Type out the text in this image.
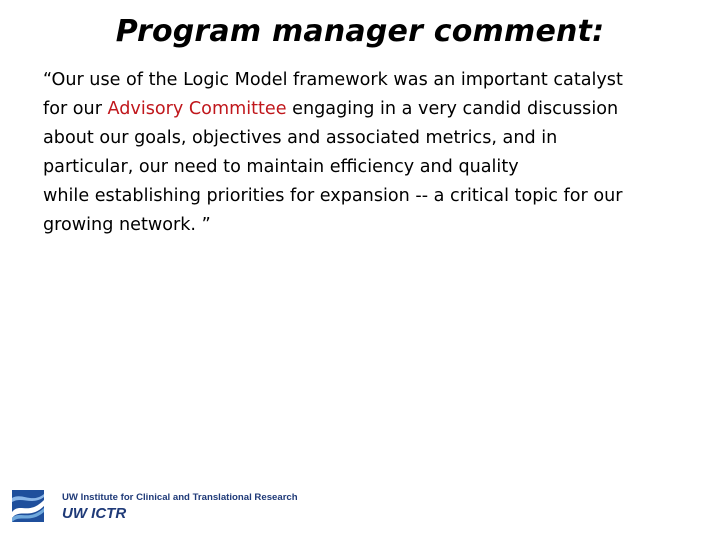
Program manager comment:
“Our use of the Logic Model framework was an important catalyst
for our Advisory Committee engaging in a very candid discussion
about our goals, objectives and associated metrics, and in
particular, our need to maintain efficiency and quality
while establishing priorities for expansion -- a critical topic for our
growing network. ”
UW Institute for Clinical and Translational Research
UW ICTR
